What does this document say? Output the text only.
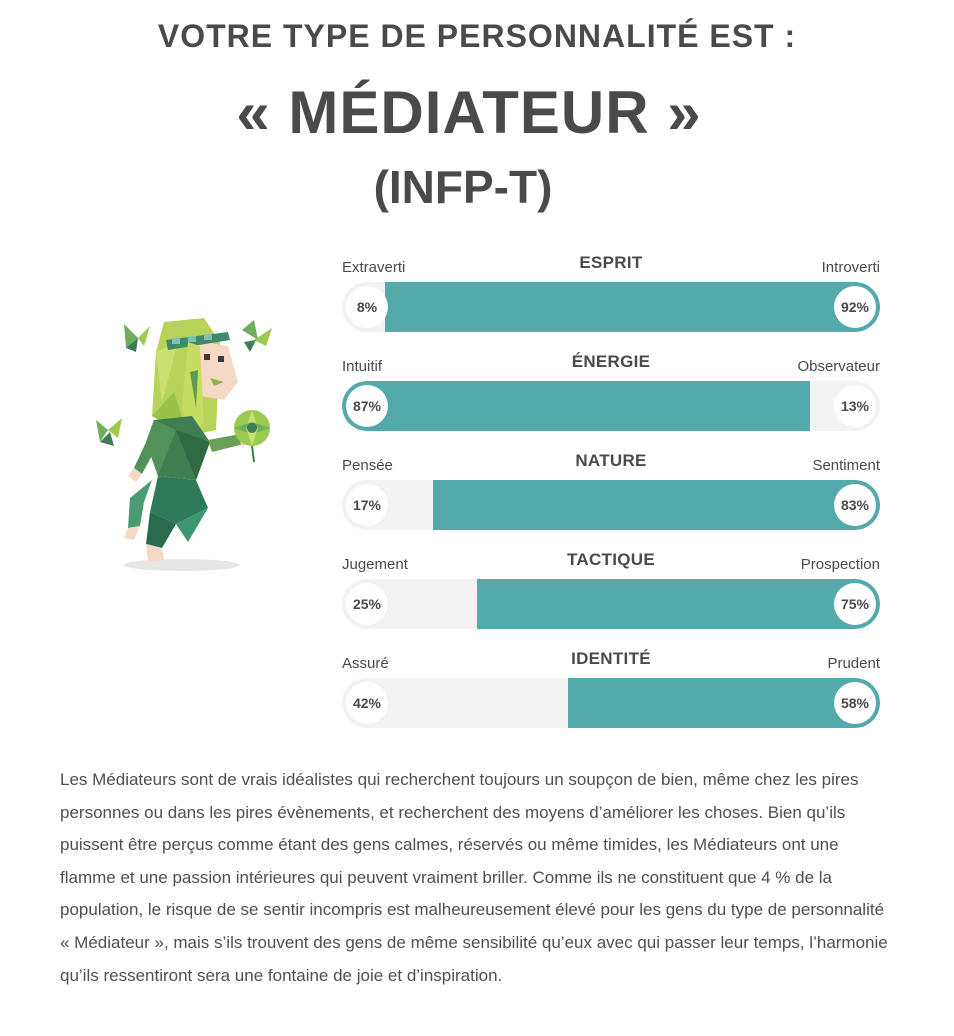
VOTRE TYPE DE PERSONNALITÉ EST :
« MÉDIATEUR »
(INFP-T)
Extraverti	ESPRIT	Introverti
8%	92%
Intuitif	ÉNERGIE	Observateur
87%	13%
Pensée	NATURE	Sentiment
17%	83%
Jugement	TACTIQUE	Prospection
25%	75%
Assuré	IDENTITÉ	Prudent
42%	58%

Les Médiateurs sont de vrais idéalistes qui recherchent toujours un soupçon de bien, même chez les pires personnes ou dans les pires évènements, et recherchent des moyens d’améliorer les choses. Bien qu’ils puissent être perçus comme étant des gens calmes, réservés ou même timides, les Médiateurs ont une flamme et une passion intérieures qui peuvent vraiment briller. Comme ils ne constituent que 4 % de la population, le risque de se sentir incompris est malheureusement élevé pour les gens du type de personnalité « Médiateur », mais s’ils trouvent des gens de même sensibilité qu’eux avec qui passer leur temps, l’harmonie qu’ils ressentiront sera une fontaine de joie et d’inspiration.
